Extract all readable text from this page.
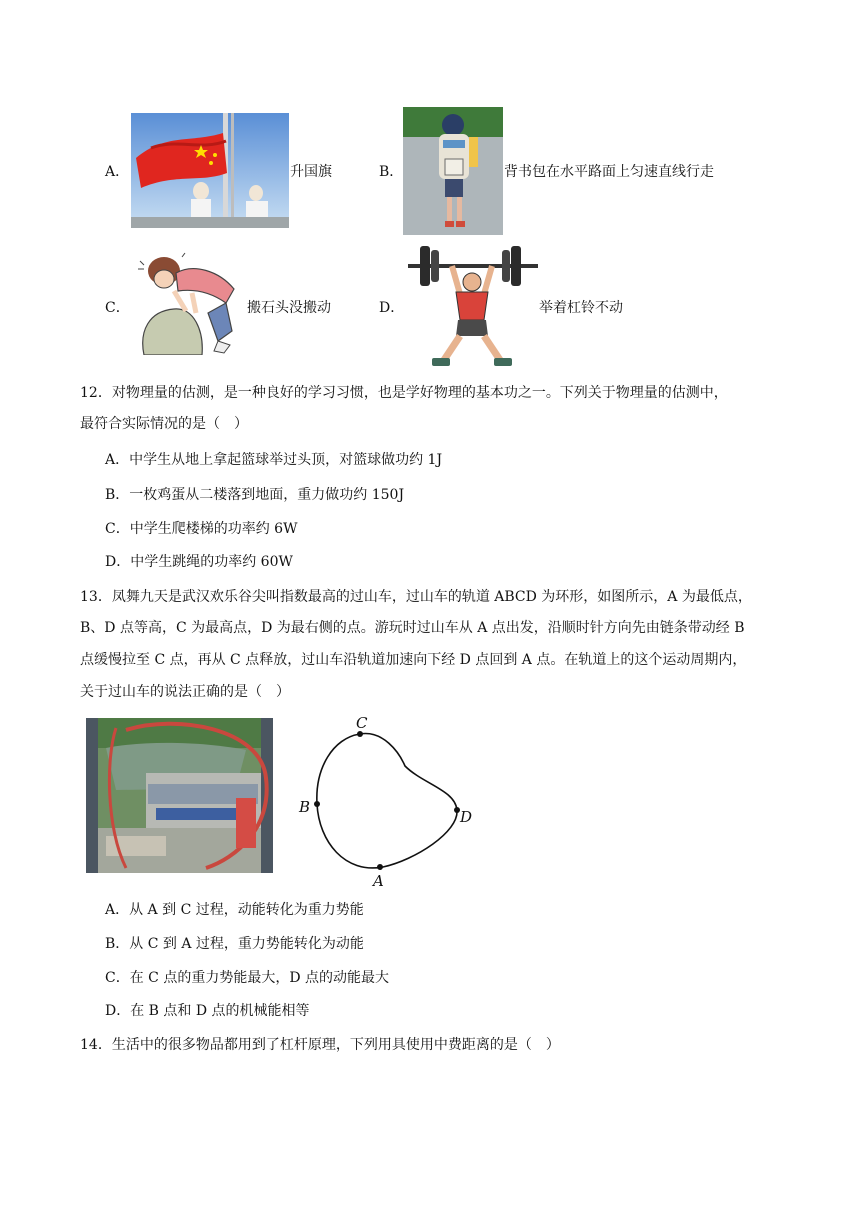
A．	升国旗	B．	背书包在水平路面上匀速直线行走
C．	搬石头没搬动	D．	举着杠铃不动
12．对物理量的估测，是一种良好的学习习惯，也是学好物理的基本功之一。下列关于物理量的估测中，
最符合实际情况的是（　）
A．中学生从地上拿起篮球举过头顶，对篮球做功约 1J
B．一枚鸡蛋从二楼落到地面，重力做功约 150J
C．中学生爬楼梯的功率约 6W
D．中学生跳绳的功率约 60W
13．凤舞九天是武汉欢乐谷尖叫指数最高的过山车，过山车的轨道 ABCD 为环形，如图所示，A 为最低点，
B、D 点等高，C 为最高点，D 为最右侧的点。游玩时过山车从 A 点出发，沿顺时针方向先由链条带动经 B
点缓慢拉至 C 点，再从 C 点释放，过山车沿轨道加速向下经 D 点回到 A 点。在轨道上的这个运动周期内，
关于过山车的说法正确的是（　）
C
B
D
A
A．从 A 到 C 过程，动能转化为重力势能
B．从 C 到 A 过程，重力势能转化为动能
C．在 C 点的重力势能最大，D 点的动能最大
D．在 B 点和 D 点的机械能相等
14．生活中的很多物品都用到了杠杆原理，下列用具使用中费距离的是（　）
